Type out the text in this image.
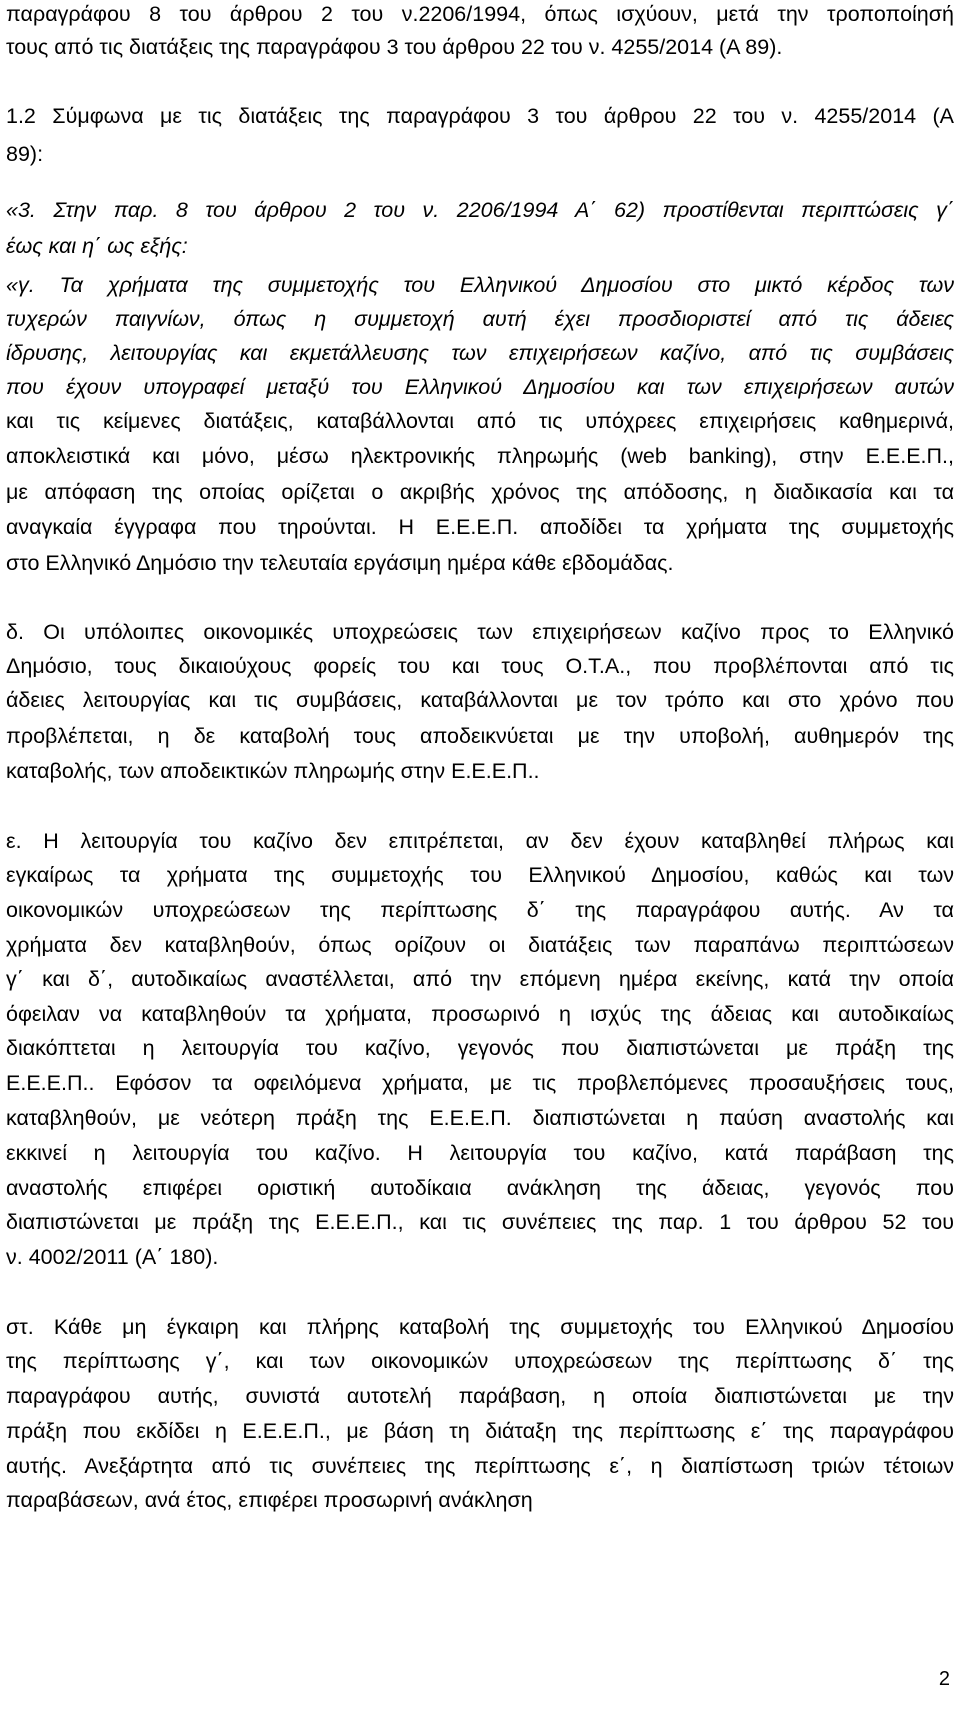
παραγράφου 8 του άρθρου 2 του ν.2206/1994, όπως ισχύουν, μετά την τροποποίησή
τους από τις διατάξεις της παραγράφου 3 του άρθρου 22 του ν. 4255/2014 (Α 89).
1.2 Σύμφωνα με τις διατάξεις της παραγράφου 3 του άρθρου 22 του ν. 4255/2014 (Α
89):
«3. Στην παρ. 8 του άρθρου 2 του ν. 2206/1994 Α΄ 62) προστίθενται περιπτώσεις γ΄
έως και η΄ ως εξής:
«γ. Τα χρήματα της συμμετοχής του Ελληνικού Δημοσίου στο μικτό κέρδος των
τυχερών παιγνίων, όπως η συμμετοχή αυτή έχει προσδιοριστεί από τις άδειες
ίδρυσης, λειτουργίας και εκμετάλλευσης των επιχειρήσεων καζίνο, από τις συμβάσεις
που έχουν υπογραφεί μεταξύ του Ελληνικού Δημοσίου και των επιχειρήσεων αυτών
και τις κείμενες διατάξεις, καταβάλλονται από τις υπόχρεες επιχειρήσεις καθημερινά,
αποκλειστικά και μόνο, μέσω ηλεκτρονικής πληρωμής (web banking), στην Ε.Ε.Ε.Π.,
με απόφαση της οποίας ορίζεται ο ακριβής χρόνος της απόδοσης, η διαδικασία και τα
αναγκαία έγγραφα που τηρούνται. Η Ε.Ε.Ε.Π. αποδίδει τα χρήματα της συμμετοχής
στο Ελληνικό Δημόσιο την τελευταία εργάσιμη ημέρα κάθε εβδομάδας.
δ. Οι υπόλοιπες οικονομικές υποχρεώσεις των επιχειρήσεων καζίνο προς το Ελληνικό
Δημόσιο, τους δικαιούχους φορείς του και τους Ο.Τ.Α., που προβλέπονται από τις
άδειες λειτουργίας και τις συμβάσεις, καταβάλλονται με τον τρόπο και στο χρόνο που
προβλέπεται, η δε καταβολή τους αποδεικνύεται με την υποβολή, αυθημερόν της
καταβολής, των αποδεικτικών πληρωμής στην Ε.Ε.Ε.Π..
ε. Η λειτουργία του καζίνο δεν επιτρέπεται, αν δεν έχουν καταβληθεί πλήρως και
εγκαίρως τα χρήματα της συμμετοχής του Ελληνικού Δημοσίου, καθώς και των
οικονομικών υποχρεώσεων της περίπτωσης δ΄ της παραγράφου αυτής. Αν τα
χρήματα δεν καταβληθούν, όπως ορίζουν οι διατάξεις των παραπάνω περιπτώσεων
γ΄ και δ΄, αυτοδικαίως αναστέλλεται, από την επόμενη ημέρα εκείνης, κατά την οποία
όφειλαν να καταβληθούν τα χρήματα, προσωρινό η ισχύς της άδειας και αυτοδικαίως
διακόπτεται η λειτουργία του καζίνο, γεγονός που διαπιστώνεται με πράξη της
Ε.Ε.Ε.Π.. Εφόσον τα οφειλόμενα χρήματα, με τις προβλεπόμενες προσαυξήσεις τους,
καταβληθούν, με νεότερη πράξη της Ε.Ε.Ε.Π. διαπιστώνεται η παύση αναστολής και
εκκινεί η λειτουργία του καζίνο. Η λειτουργία του καζίνο, κατά παράβαση της
αναστολής επιφέρει οριστική αυτοδίκαια ανάκληση της άδειας, γεγονός που
διαπιστώνεται με πράξη της Ε.Ε.Ε.Π., και τις συνέπειες της παρ. 1 του άρθρου 52 του
ν. 4002/2011 (Α΄ 180).
στ. Κάθε μη έγκαιρη και πλήρης καταβολή της συμμετοχής του Ελληνικού Δημοσίου
της περίπτωσης γ΄, και των οικονομικών υποχρεώσεων της περίπτωσης δ΄ της
παραγράφου αυτής, συνιστά αυτοτελή παράβαση, η οποία διαπιστώνεται με την
πράξη που εκδίδει η Ε.Ε.Ε.Π., με βάση τη διάταξη της περίπτωσης ε΄ της παραγράφου
αυτής. Ανεξάρτητα από τις συνέπειες της περίπτωσης ε΄, η διαπίστωση τριών τέτοιων
παραβάσεων, ανά έτος, επιφέρει προσωρινή ανάκληση
2
